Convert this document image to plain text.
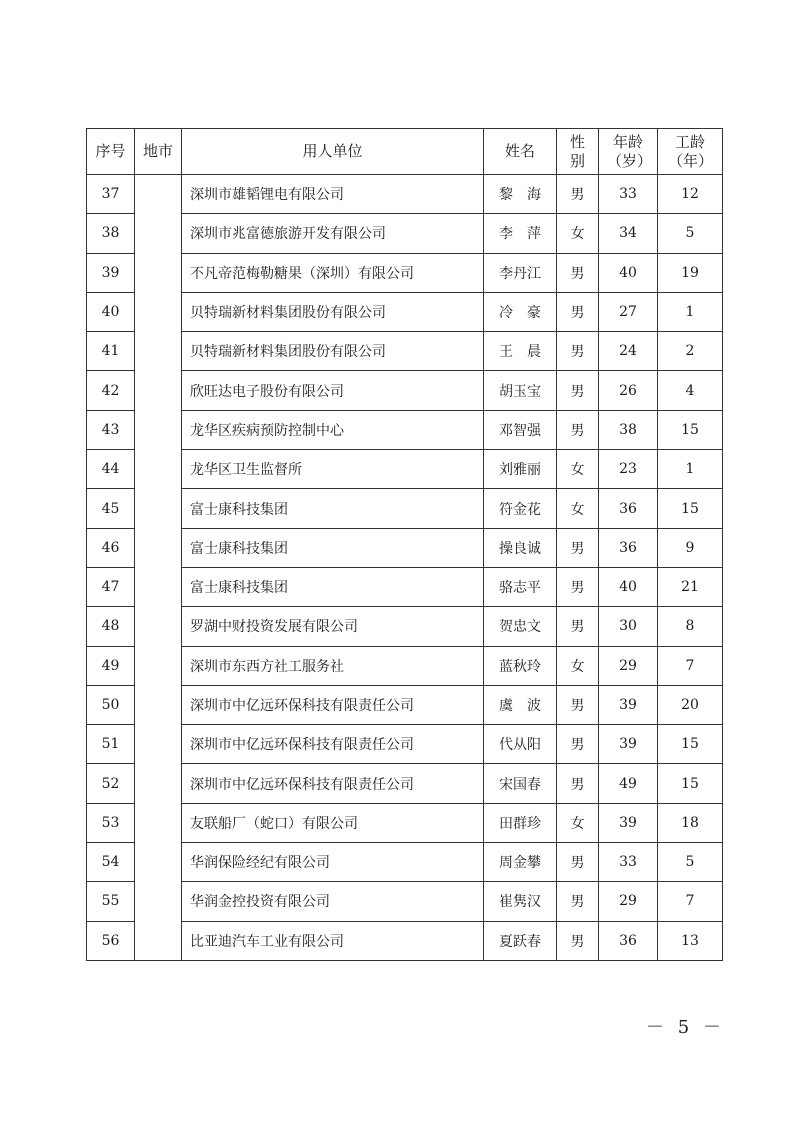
序号	地市	用人单位	姓名	性别	年龄（岁）	工龄（年）
37		深圳市雄韬锂电有限公司	黎　海	男	33	12
38		深圳市兆富德旅游开发有限公司	李　萍	女	34	5
39		不凡帝范梅勒糖果（深圳）有限公司	李丹江	男	40	19
40		贝特瑞新材料集团股份有限公司	冷　豪	男	27	1
41		贝特瑞新材料集团股份有限公司	王　晨	男	24	2
42		欣旺达电子股份有限公司	胡玉宝	男	26	4
43		龙华区疾病预防控制中心	邓智强	男	38	15
44		龙华区卫生监督所	刘雅丽	女	23	1
45		富士康科技集团	符金花	女	36	15
46		富士康科技集团	操良诚	男	36	9
47		富士康科技集团	骆志平	男	40	21
48		罗湖中财投资发展有限公司	贺忠文	男	30	8
49		深圳市东西方社工服务社	蓝秋玲	女	29	7
50		深圳市中亿远环保科技有限责任公司	虞　波	男	39	20
51		深圳市中亿远环保科技有限责任公司	代从阳	男	39	15
52		深圳市中亿远环保科技有限责任公司	宋国春	男	49	15
53		友联船厂（蛇口）有限公司	田群珍	女	39	18
54		华润保险经纪有限公司	周金攀	男	33	5
55		华润金控投资有限公司	崔隽汉	男	29	7
56		比亚迪汽车工业有限公司	夏跃春	男	36	13
－ 5 －
